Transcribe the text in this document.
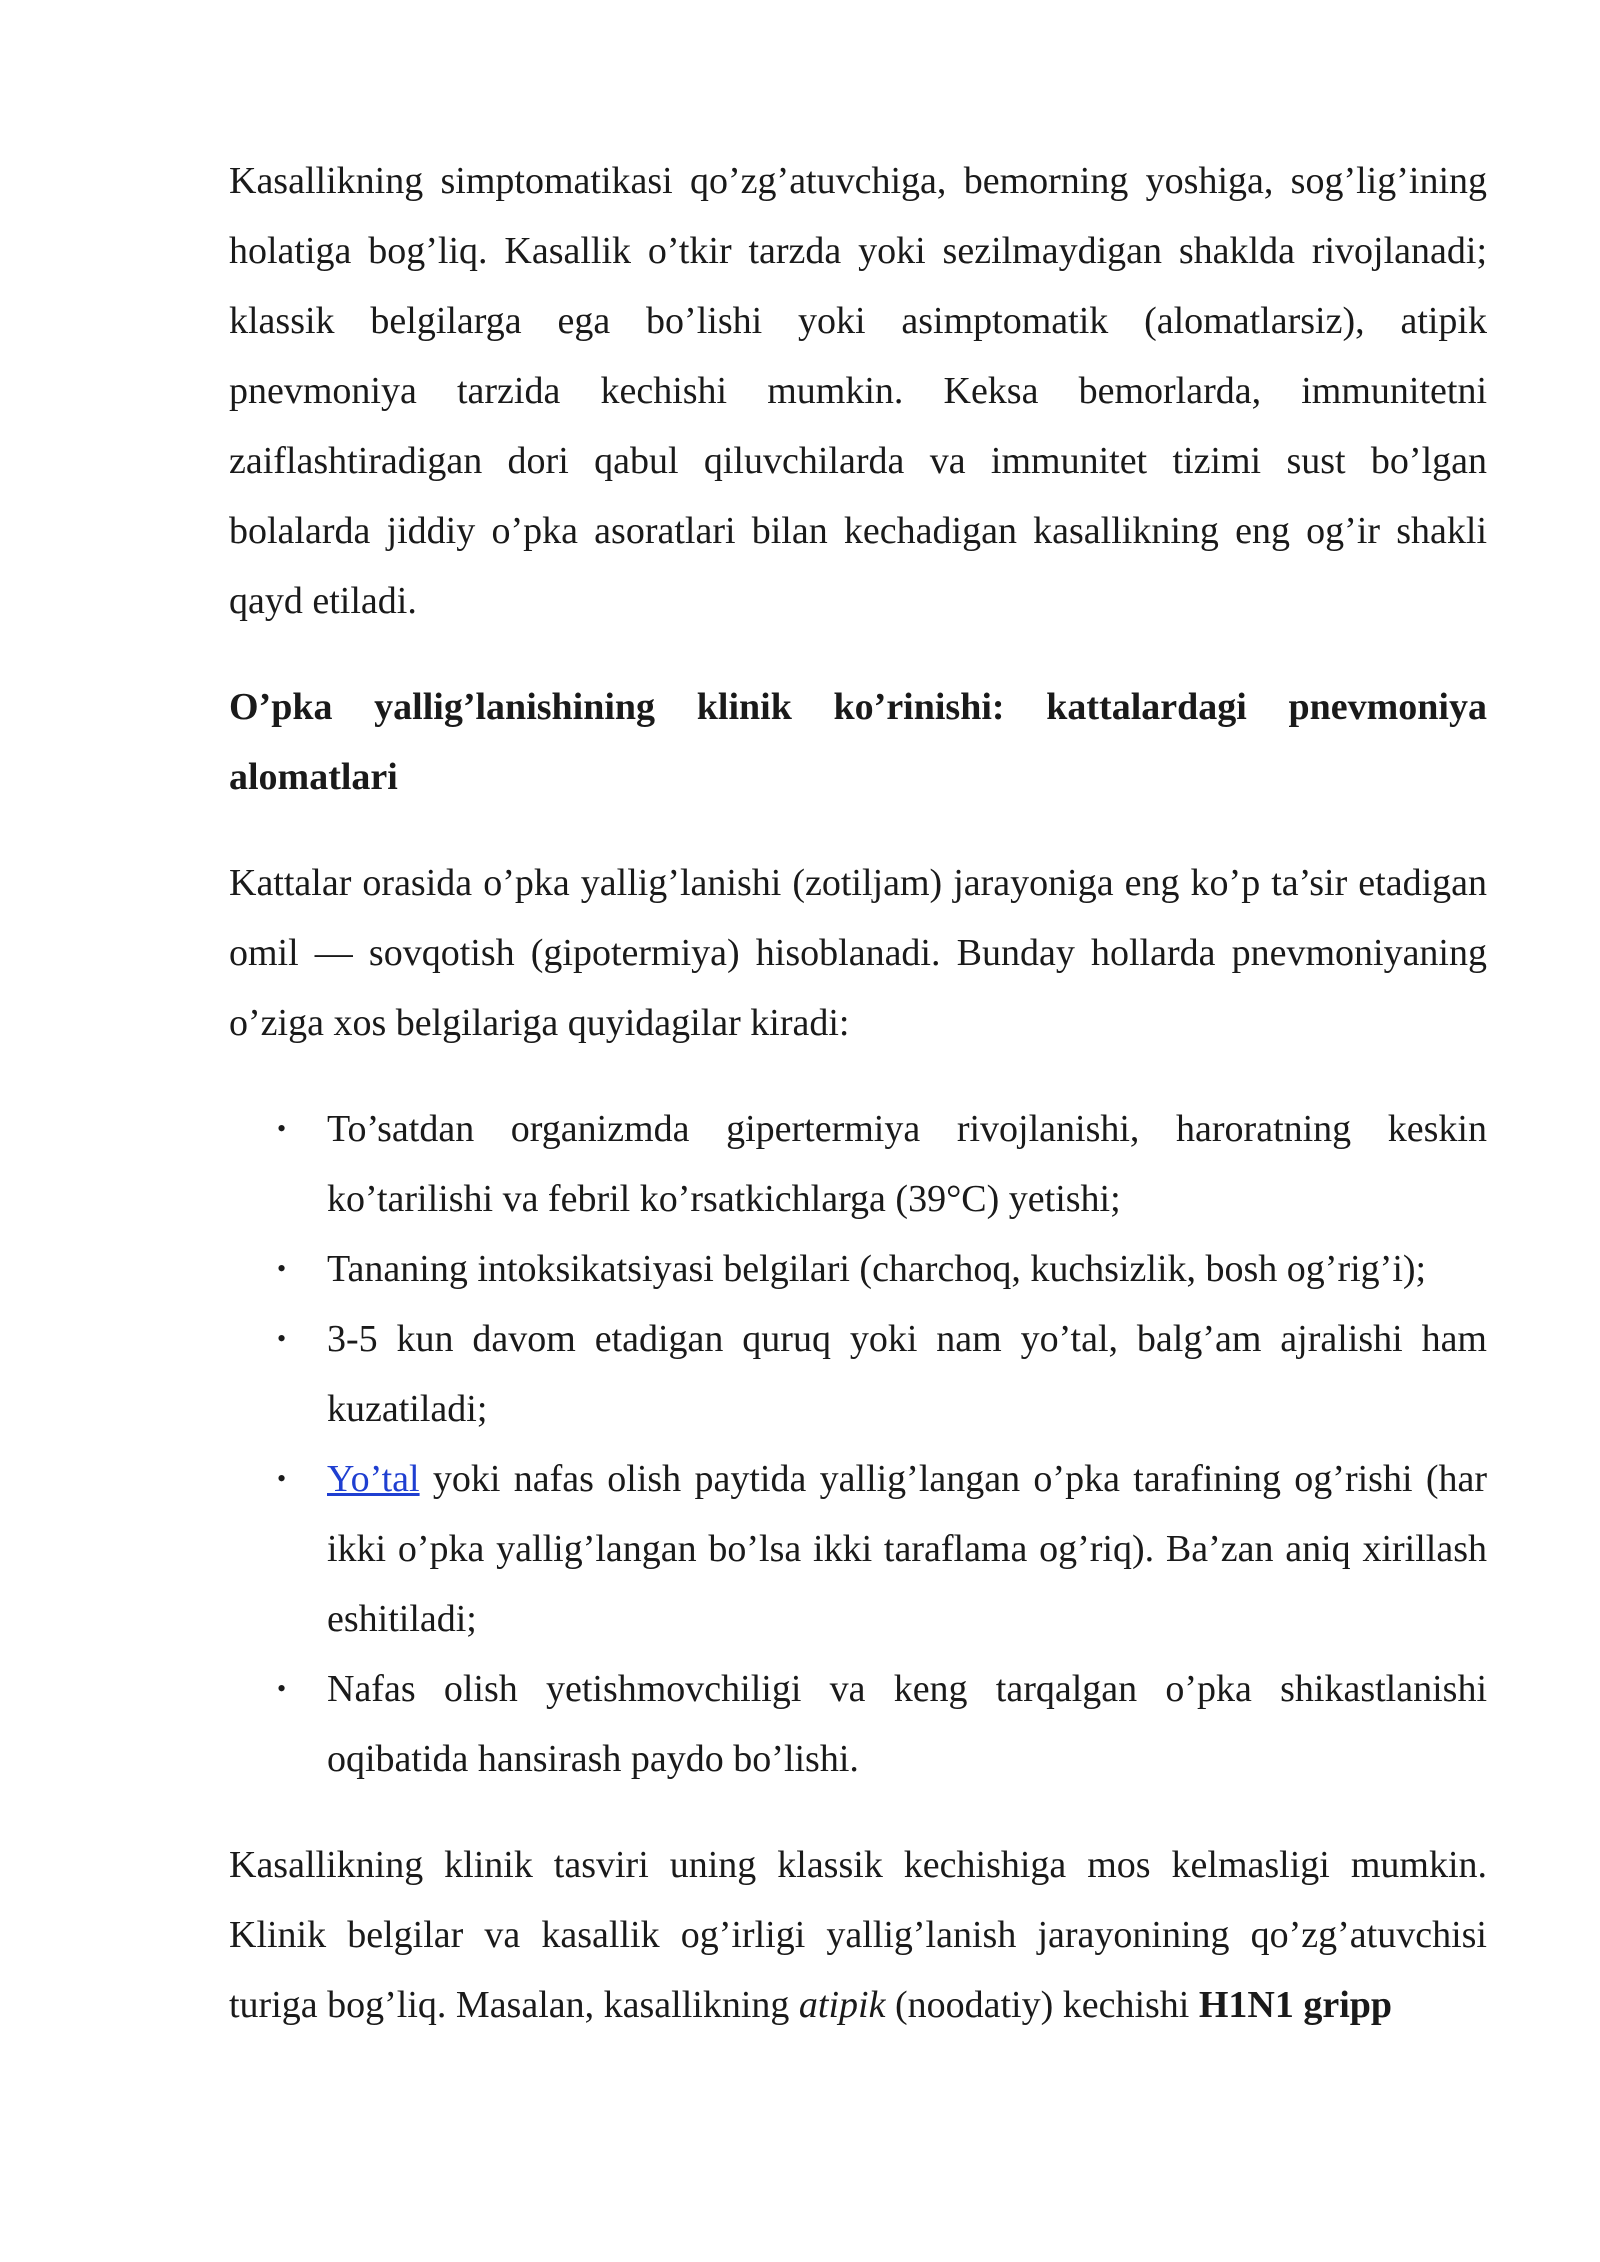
Kasallikning simptomatikasi qo’zg’atuvchiga, bemorning yoshiga, sog’lig’ining holatiga bog’liq. Kasallik o’tkir tarzda yoki sezilmaydigan shaklda rivojlanadi; klassik belgilarga ega bo’lishi yoki asimptomatik (alomatlarsiz), atipik pnevmoniya tarzida kechishi mumkin. Keksa bemorlarda, immunitetni zaiflashtiradigan dori qabul qiluvchilarda va immunitet tizimi sust bo’lgan bolalarda jiddiy o’pka asoratlari bilan kechadigan kasallikning eng og’ir shakli qayd etiladi.

O’pka yallig’lanishining klinik ko’rinishi: kattalardagi pnevmoniya alomatlari

Kattalar orasida o’pka yallig’lanishi (zotiljam) jarayoniga eng ko’p ta’sir etadigan omil — sovqotish (gipotermiya) hisoblanadi. Bunday hollarda pnevmoniyaning o’ziga xos belgilariga quyidagilar kiradi:

• To’satdan organizmda gipertermiya rivojlanishi, haroratning keskin ko’tarilishi va febril ko’rsatkichlarga (39°C) yetishi;
• Tananing intoksikatsiyasi belgilari (charchoq, kuchsizlik, bosh og’rig’i);
• 3-5 kun davom etadigan quruq yoki nam yo’tal, balg’am ajralishi ham kuzatiladi;
• Yo’tal yoki nafas olish paytida yallig’langan o’pka tarafining og’rishi (har ikki o’pka yallig’langan bo’lsa ikki taraflama og’riq). Ba’zan aniq xirillash eshitiladi;
• Nafas olish yetishmovchiligi va keng tarqalgan o’pka shikastlanishi oqibatida hansirash paydo bo’lishi.

Kasallikning klinik tasviri uning klassik kechishiga mos kelmasligi mumkin. Klinik belgilar va kasallik og’irligi yallig’lanish jarayonining qo’zg’atuvchisi turiga bog’liq. Masalan, kasallikning atipik (noodatiy) kechishi H1N1 gripp
